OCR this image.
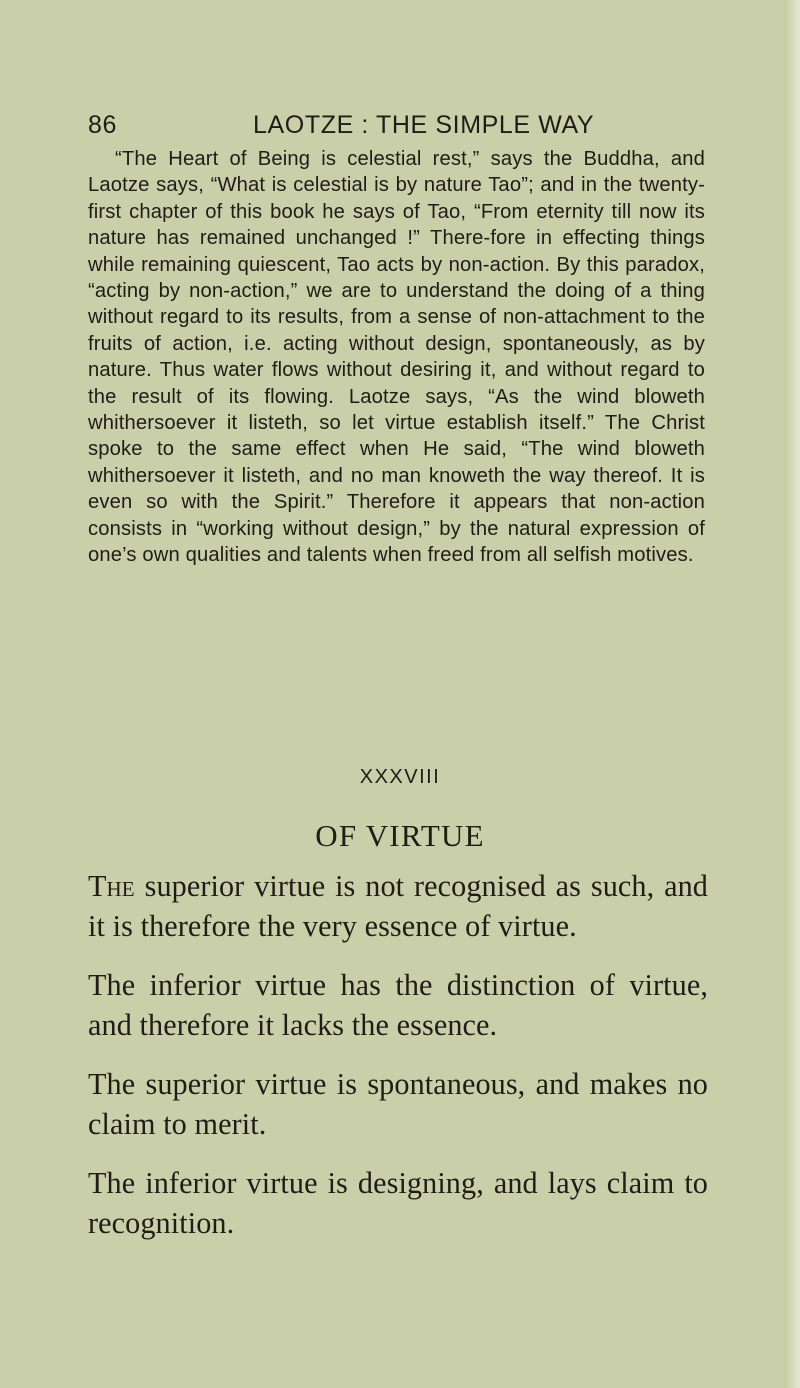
86	LAOTZE : THE SIMPLE WAY

“The Heart of Being is celestial rest,” says the Buddha, and Laotze says, “What is celestial is by nature Tao”; and in the twenty-first chapter of this book he says of Tao, “From eternity till now its nature has remained unchanged !” There-fore in effecting things while remaining quiescent, Tao acts by non-action. By this paradox, “acting by non-action,” we are to understand the doing of a thing without regard to its results, from a sense of non-attachment to the fruits of action, i.e. acting without design, spontaneously, as by nature. Thus water flows without desiring it, and without regard to the result of its flowing. Laotze says, “As the wind bloweth whithersoever it listeth, so let virtue establish itself.” The Christ spoke to the same effect when He said, “The wind bloweth whithersoever it listeth, and no man knoweth the way thereof. It is even so with the Spirit.” Therefore it appears that non-action consists in “working without design,” by the natural expression of one’s own qualities and talents when freed from all selfish motives.

XXXVIII
OF VIRTUE

The superior virtue is not recognised as such, and it is therefore the very essence of virtue.

The inferior virtue has the distinction of virtue, and therefore it lacks the essence.

The superior virtue is spontaneous, and makes no claim to merit.

The inferior virtue is designing, and lays claim to recognition.
